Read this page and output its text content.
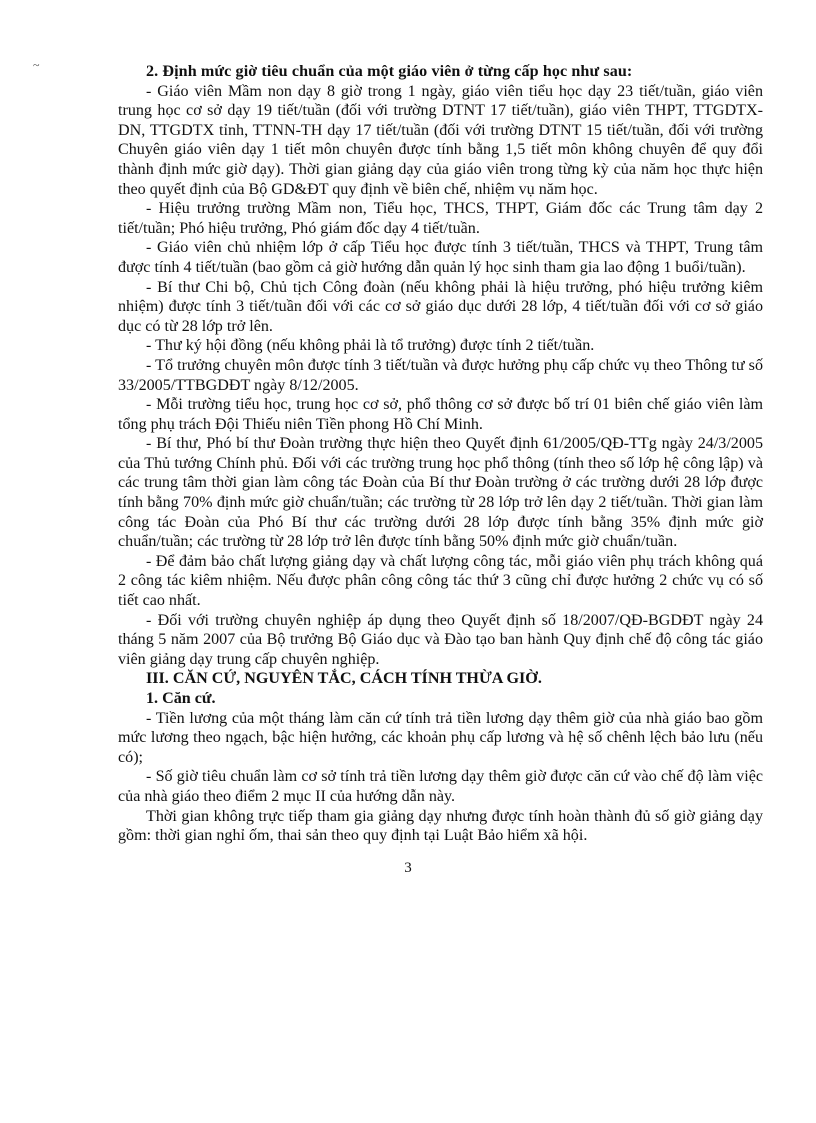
~	2. Định mức giờ tiêu chuẩn của một giáo viên ở từng cấp học như sau:

- Giáo viên Mầm non dạy 8 giờ trong 1 ngày, giáo viên tiểu học dạy 23 tiết/tuần, giáo viên trung học cơ sở dạy 19 tiết/tuần (đối với trường DTNT 17 tiết/tuần), giáo viên THPT, TTGDTX-DN, TTGDTX tỉnh, TTNN-TH dạy 17 tiết/tuần (đối với trường DTNT 15 tiết/tuần, đối với trường Chuyên giáo viên dạy 1 tiết môn chuyên được tính bằng 1,5 tiết môn không chuyên để quy đổi thành định mức giờ dạy). Thời gian giảng dạy của giáo viên trong từng kỳ của năm học thực hiện theo quyết định của Bộ GD&ĐT quy định về biên chế, nhiệm vụ năm học.

- Hiệu trưởng trường Mầm non, Tiểu học, THCS, THPT, Giám đốc các Trung tâm dạy 2 tiết/tuần; Phó hiệu trưởng, Phó giám đốc dạy 4 tiết/tuần.

- Giáo viên chủ nhiệm lớp ở cấp Tiểu học được tính 3 tiết/tuần, THCS và THPT, Trung tâm được tính 4 tiết/tuần (bao gồm cả giờ hướng dẫn quản lý học sinh tham gia lao động 1 buổi/tuần).

- Bí thư Chi bộ, Chủ tịch Công đoàn (nếu không phải là hiệu trưởng, phó hiệu trưởng kiêm nhiệm) được tính 3 tiết/tuần đối với các cơ sở giáo dục dưới 28 lớp, 4 tiết/tuần đối với cơ sở giáo dục có từ 28 lớp trở lên.

- Thư ký hội đồng (nếu không phải là tổ trưởng) được tính 2 tiết/tuần.

- Tổ trưởng chuyên môn được tính 3 tiết/tuần và được hưởng phụ cấp chức vụ theo Thông tư số 33/2005/TTBGDĐT ngày 8/12/2005.

- Mỗi trường tiểu học, trung học cơ sở, phổ thông cơ sở được bố trí 01 biên chế giáo viên làm tổng phụ trách Đội Thiếu niên Tiền phong Hồ Chí Minh.

- Bí thư, Phó bí thư Đoàn trường thực hiện theo Quyết định 61/2005/QĐ-TTg ngày 24/3/2005 của Thủ tướng Chính phủ. Đối với các trường trung học phổ thông (tính theo số lớp hệ công lập) và các trung tâm thời gian làm công tác Đoàn của Bí thư Đoàn trường ở các trường dưới 28 lớp được tính bằng 70% định mức giờ chuẩn/tuần; các trường từ 28 lớp trở lên dạy 2 tiết/tuần. Thời gian làm công tác Đoàn của Phó Bí thư các trường dưới 28 lớp được tính bằng 35% định mức giờ chuẩn/tuần; các trường từ 28 lớp trở lên được tính bằng 50% định mức giờ chuẩn/tuần.

- Để đảm bảo chất lượng giảng dạy và chất lượng công tác, mỗi giáo viên phụ trách không quá 2 công tác kiêm nhiệm. Nếu được phân công công tác thứ 3 cũng chỉ được hưởng 2 chức vụ có số tiết cao nhất.

- Đối với trường chuyên nghiệp áp dụng theo Quyết định số 18/2007/QĐ-BGDĐT ngày 24 tháng 5 năm 2007 của Bộ trưởng Bộ Giáo dục và Đào tạo ban hành Quy định chế độ công tác giáo viên giảng dạy trung cấp chuyên nghiệp.

III. CĂN CỨ, NGUYÊN TẮC, CÁCH TÍNH THỪA GIỜ.

1. Căn cứ.

- Tiền lương của một tháng làm căn cứ tính trả tiền lương dạy thêm giờ của nhà giáo bao gồm mức lương theo ngạch, bậc hiện hưởng, các khoản phụ cấp lương và hệ số chênh lệch bảo lưu (nếu có);

- Số giờ tiêu chuẩn làm cơ sở tính trả tiền lương dạy thêm giờ được căn cứ vào chế độ làm việc của nhà giáo theo điểm 2 mục II của hướng dẫn này.

Thời gian không trực tiếp tham gia giảng dạy nhưng được tính hoàn thành đủ số giờ giảng dạy gồm: thời gian nghỉ ốm, thai sản theo quy định tại Luật Bảo hiểm xã hội.

3
